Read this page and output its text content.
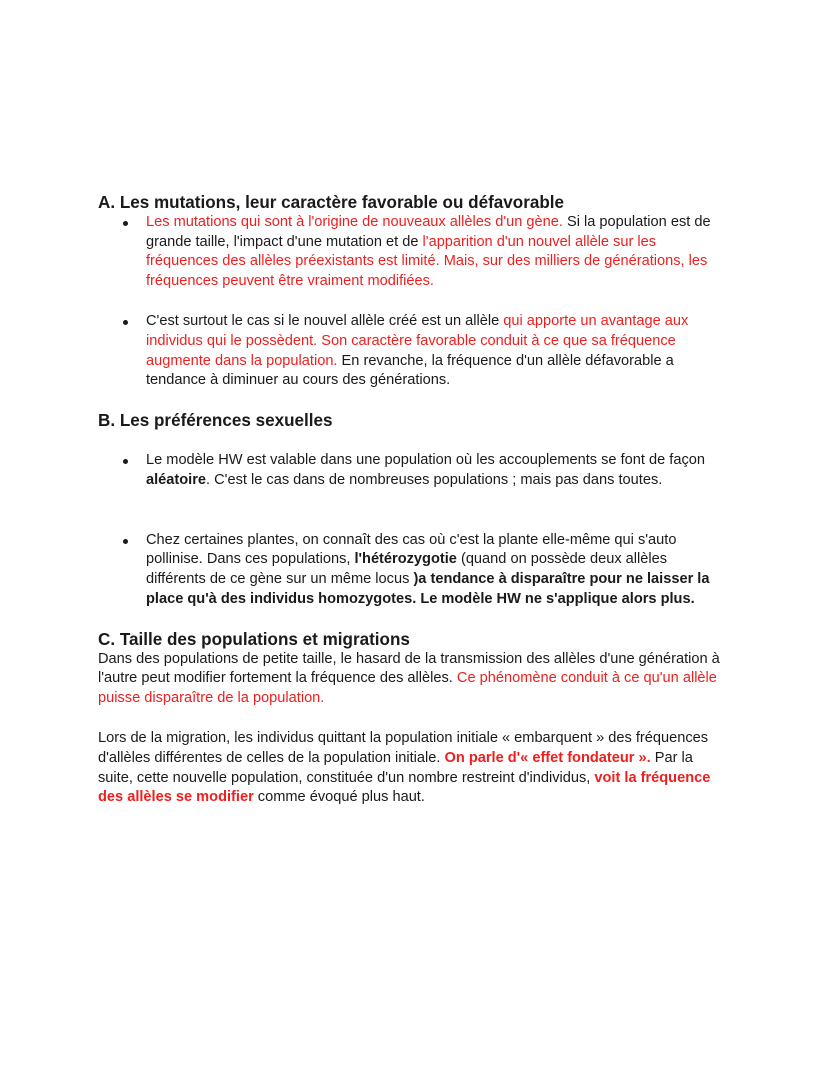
A. Les mutations, leur caractère favorable ou défavorable
Les mutations qui sont à l'origine de nouveaux allèles d'un gène. Si la population est de grande taille, l'impact d'une mutation et de l'apparition d'un nouvel allèle sur les fréquences des allèles préexistants est limité. Mais, sur des milliers de générations, les fréquences peuvent être vraiment modifiées.
C'est surtout le cas si le nouvel allèle créé est un allèle qui apporte un avantage aux individus qui le possèdent. Son caractère favorable conduit à ce que sa fréquence augmente dans la population. En revanche, la fréquence d'un allèle défavorable a tendance à diminuer au cours des générations.
B. Les préférences sexuelles
Le modèle HW est valable dans une population où les accouplements se font de façon aléatoire. C'est le cas dans de nombreuses populations ; mais pas dans toutes.
Chez certaines plantes, on connaît des cas où c'est la plante elle-même qui s'auto pollinise. Dans ces populations, l'hétérozygotie (quand on possède deux allèles différents de ce gène sur un même locus )a tendance à disparaître pour ne laisser la place qu'à des individus homozygotes. Le modèle HW ne s'applique alors plus.
C. Taille des populations et migrations

Dans des populations de petite taille, le hasard de la transmission des allèles d'une génération à l'autre peut modifier fortement la fréquence des allèles. Ce phénomène conduit à ce qu'un allèle puisse disparaître de la population.

Lors de la migration, les individus quittant la population initiale « embarquent » des fréquences d'allèles différentes de celles de la population initiale. On parle d'« effet fondateur ». Par la suite, cette nouvelle population, constituée d'un nombre restreint d'individus, voit la fréquence des allèles se modifier comme évoqué plus haut.
